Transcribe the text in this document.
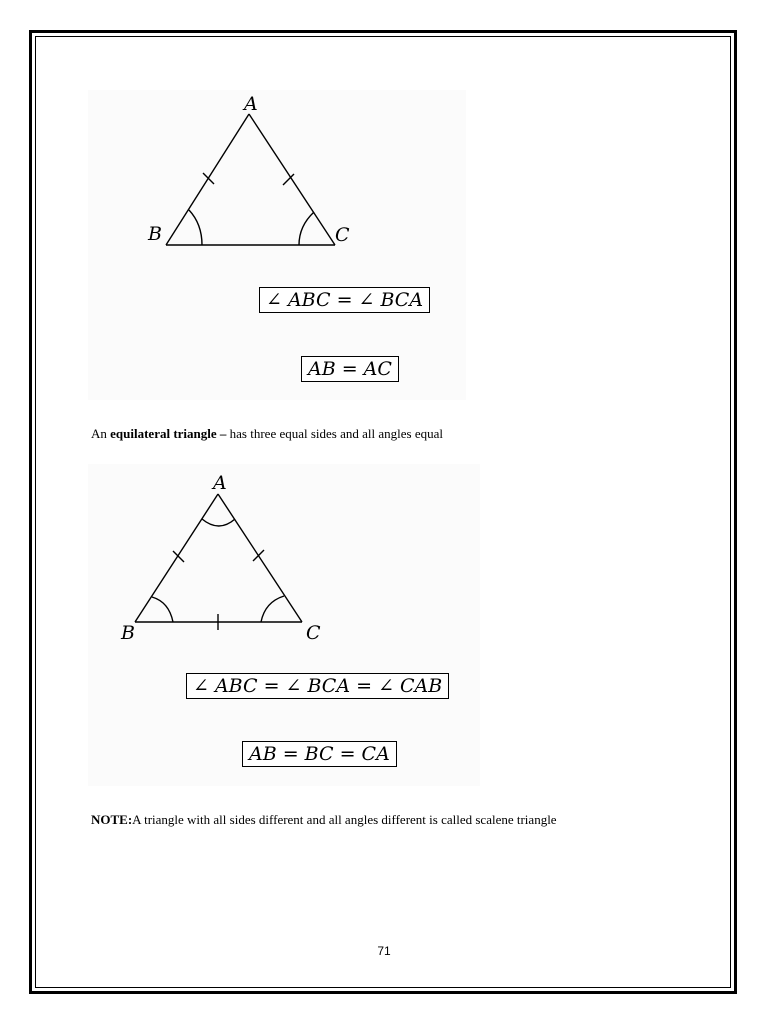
A
B	C
∠ ABC = ∠ BCA
AB = AC
An equilateral triangle – has three equal sides and all angles equal
A
B	C
∠ ABC = ∠ BCA = ∠ CAB
AB = BC = CA
NOTE:A triangle with all sides different and all angles different is called scalene triangle
71
